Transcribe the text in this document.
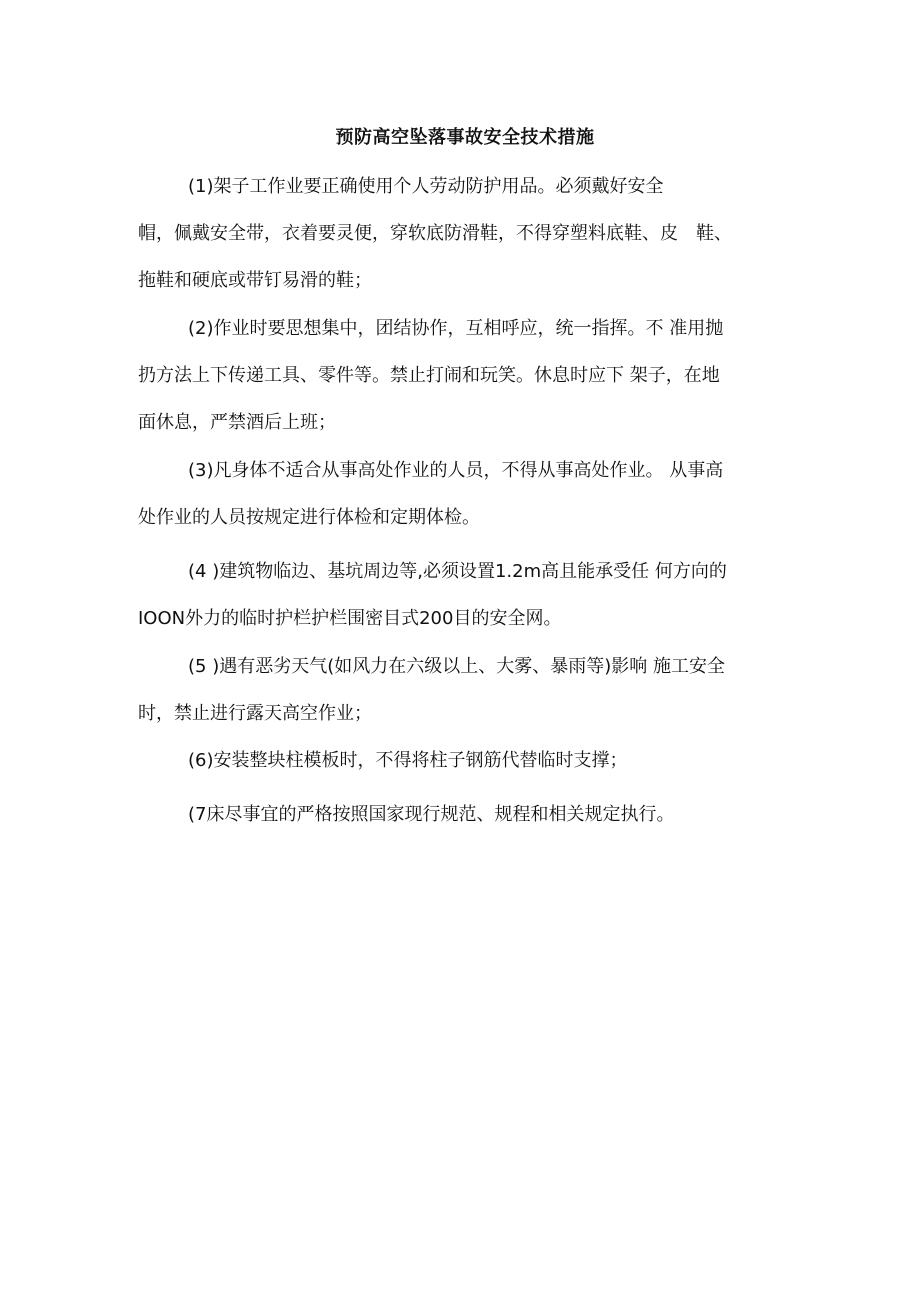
预防高空坠落事故安全技术措施
(1)架子工作业要正确使用个人劳动防护用品。必须戴好安全
帽，佩戴安全带，衣着要灵便，穿软底防滑鞋，不得穿塑料底鞋、皮　鞋、
拖鞋和硬底或带钉易滑的鞋；
(2)作业时要思想集中，团结协作，互相呼应，统一指挥。不 准用抛
扔方法上下传递工具、零件等。禁止打闹和玩笑。休息时应下 架子，在地
面休息，严禁酒后上班；
(3)凡身体不适合从事高处作业的人员，不得从事高处作业。 从事高
处作业的人员按规定进行体检和定期体检。
(4 )建筑物临边、基坑周边等,必须设置1.2m高且能承受任 何方向的
IOON外力的临时护栏护栏围密目式200目的安全网。
(5 )遇有恶劣天气(如风力在六级以上、大雾、暴雨等)影响 施工安全
时，禁止进行露天高空作业；
(6)安装整块柱模板时，不得将柱子钢筋代替临时支撑；
(7床尽事宜的严格按照国家现行规范、规程和相关规定执行。
